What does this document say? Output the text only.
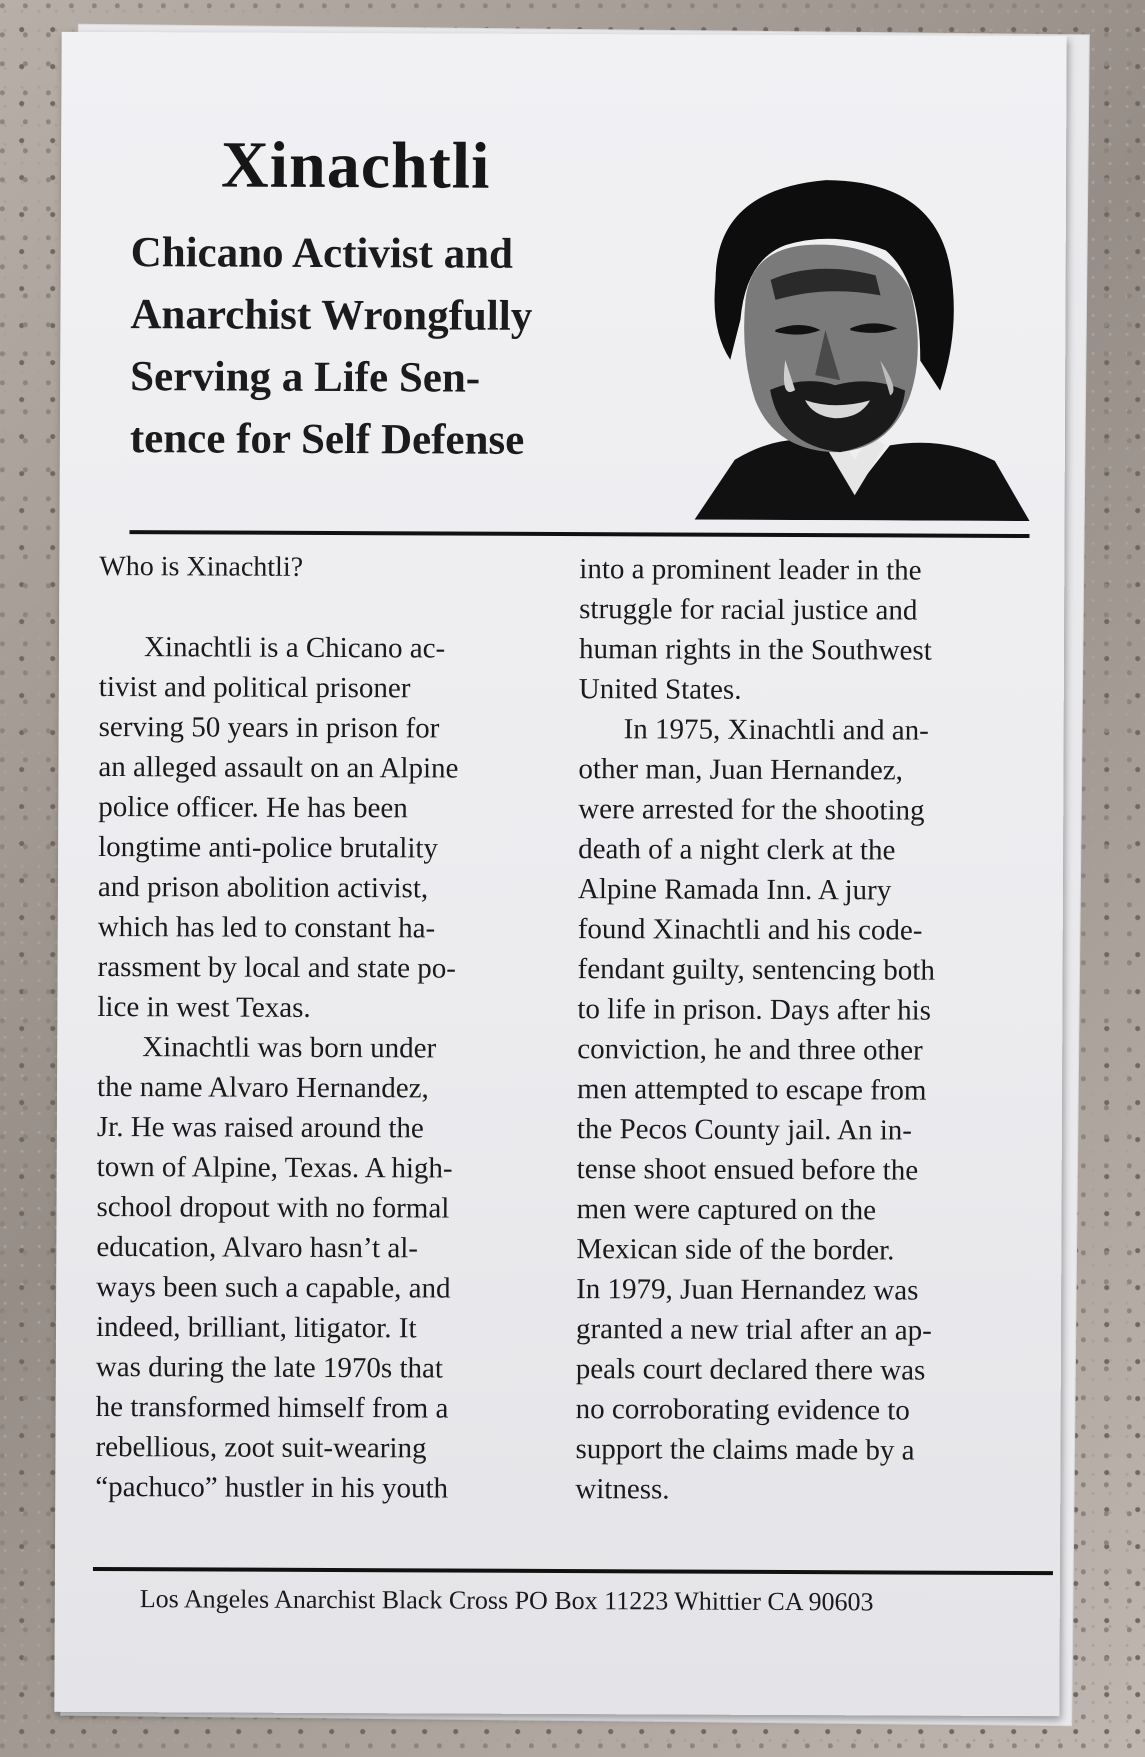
Xinachtli
Chicano Activist and
Anarchist Wrongfully
Serving a Life Sen-
tence for Self Defense

Who is Xinachtli?

Xinachtli is a Chicano ac-
tivist and political prisoner
serving 50 years in prison for
an alleged assault on an Alpine
police officer. He has been
longtime anti-police brutality
and prison abolition activist,
which has led to constant ha-
rassment by local and state po-
lice in west Texas.

Xinachtli was born under
the name Alvaro Hernandez,
Jr. He was raised around the
town of Alpine, Texas. A high-
school dropout with no formal
education, Alvaro hasn’t al-
ways been such a capable, and
indeed, brilliant, litigator. It
was during the late 1970s that
he transformed himself from a
rebellious, zoot suit-wearing
“pachuco” hustler in his youth

into a prominent leader in the
struggle for racial justice and
human rights in the Southwest
United States.

In 1975, Xinachtli and an-
other man, Juan Hernandez,
were arrested for the shooting
death of a night clerk at the
Alpine Ramada Inn. A jury
found Xinachtli and his code-
fendant guilty, sentencing both
to life in prison. Days after his
conviction, he and three other
men attempted to escape from
the Pecos County jail. An in-
tense shoot ensued before the
men were captured on the
Mexican side of the border.
In 1979, Juan Hernandez was
granted a new trial after an ap-
peals court declared there was
no corroborating evidence to
support the claims made by a
witness.

Los Angeles Anarchist Black Cross PO Box 11223 Whittier CA 90603
